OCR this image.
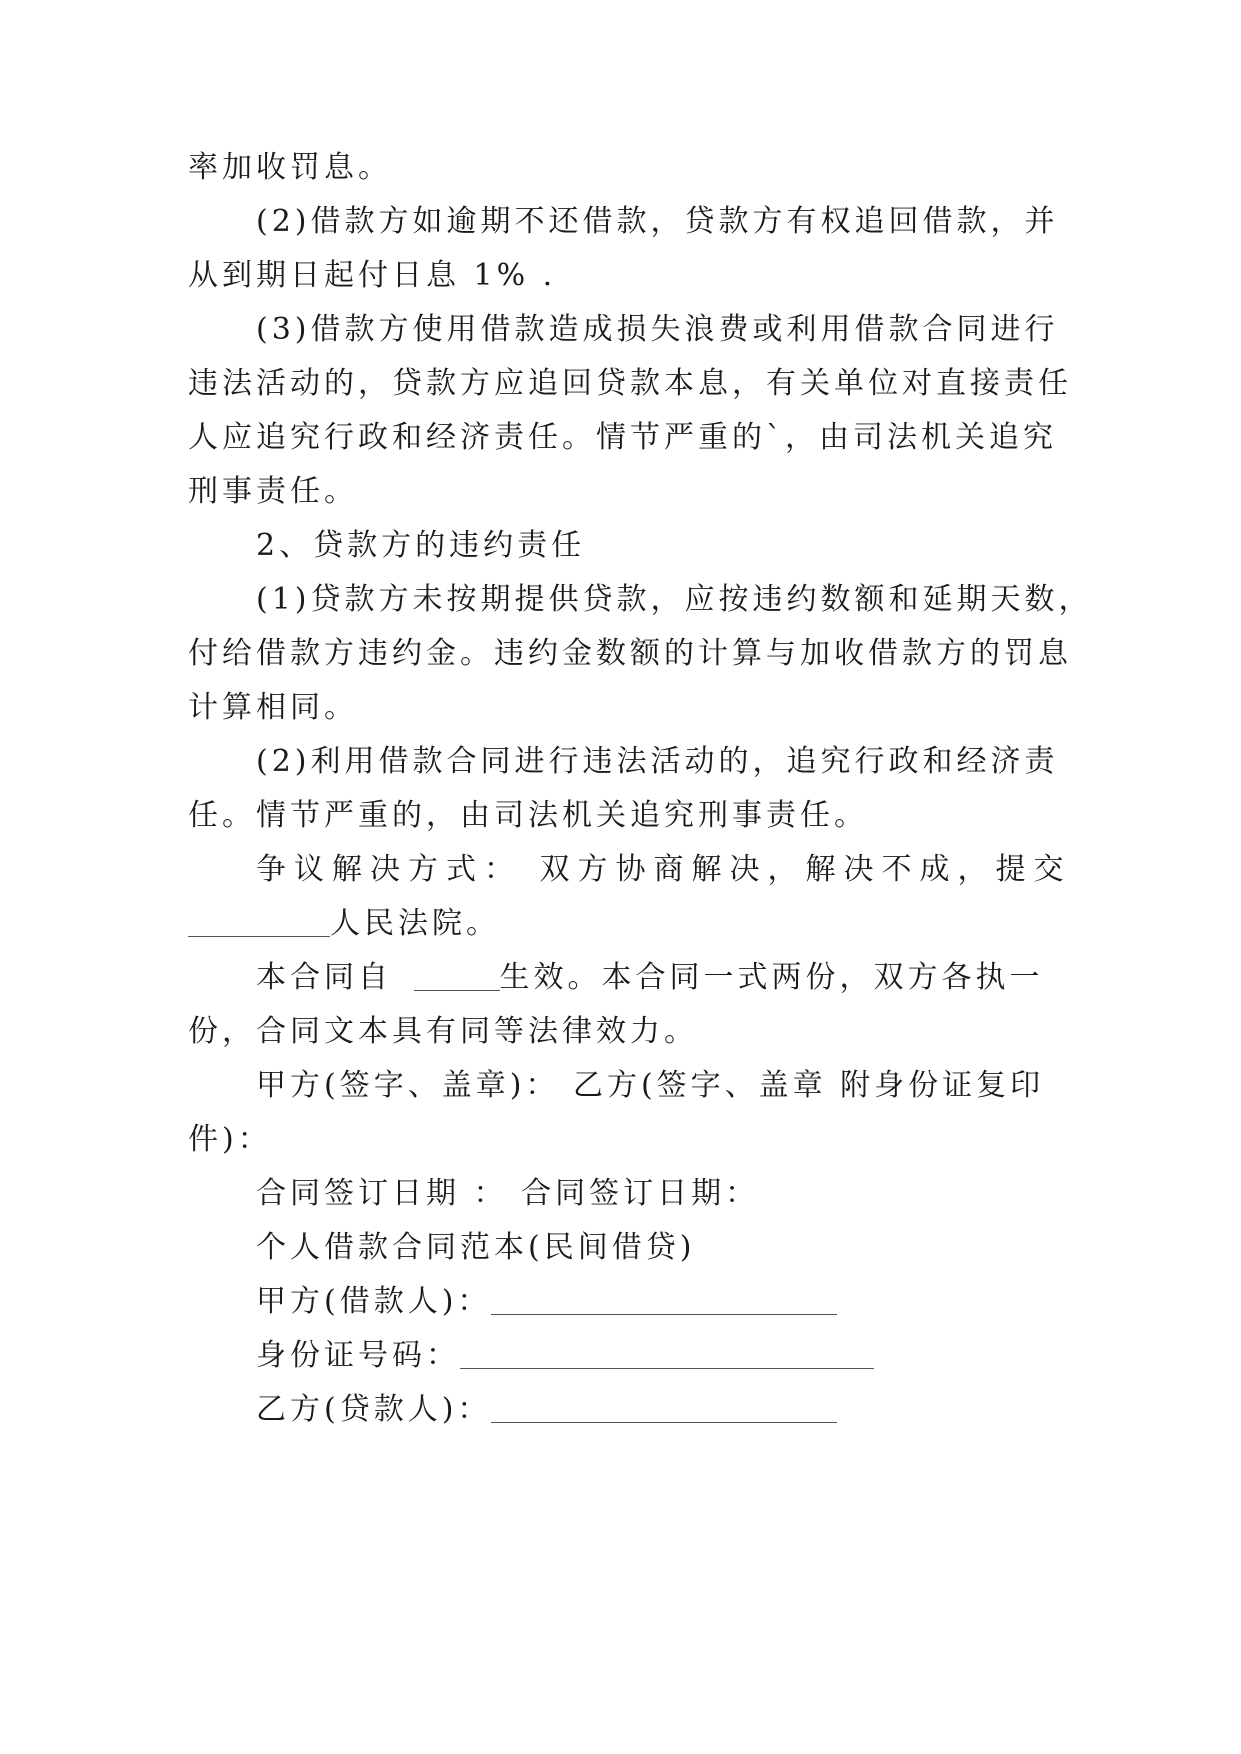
率加收罚息。
(2)借款方如逾期不还借款，贷款方有权追回借款，并
从到期日起付日息 1% .
(3)借款方使用借款造成损失浪费或利用借款合同进行
违法活动的，贷款方应追回贷款本息，有关单位对直接责任
人应追究行政和经济责任。情节严重的`，由司法机关追究
刑事责任。
2、贷款方的违约责任
(1)贷款方未按期提供贷款，应按违约数额和延期天数，
付给借款方违约金。违约金数额的计算与加收借款方的罚息
计算相同。
(2)利用借款合同进行违法活动的，追究行政和经济责
任。情节严重的，由司法机关追究刑事责任。
争议解决方式： 双方协商解决，解决不成，提交
人民法院。
本合同自	生效。本合同一式两份，双方各执一
份，合同文本具有同等法律效力。
甲方(签字、盖章)： 乙方(签字、盖章 附身份证复印
件)：
合同签订日期 ： 合同签订日期：
个人借款合同范本(民间借贷)
甲方(借款人)：
身份证号码：
乙方(贷款人)：
